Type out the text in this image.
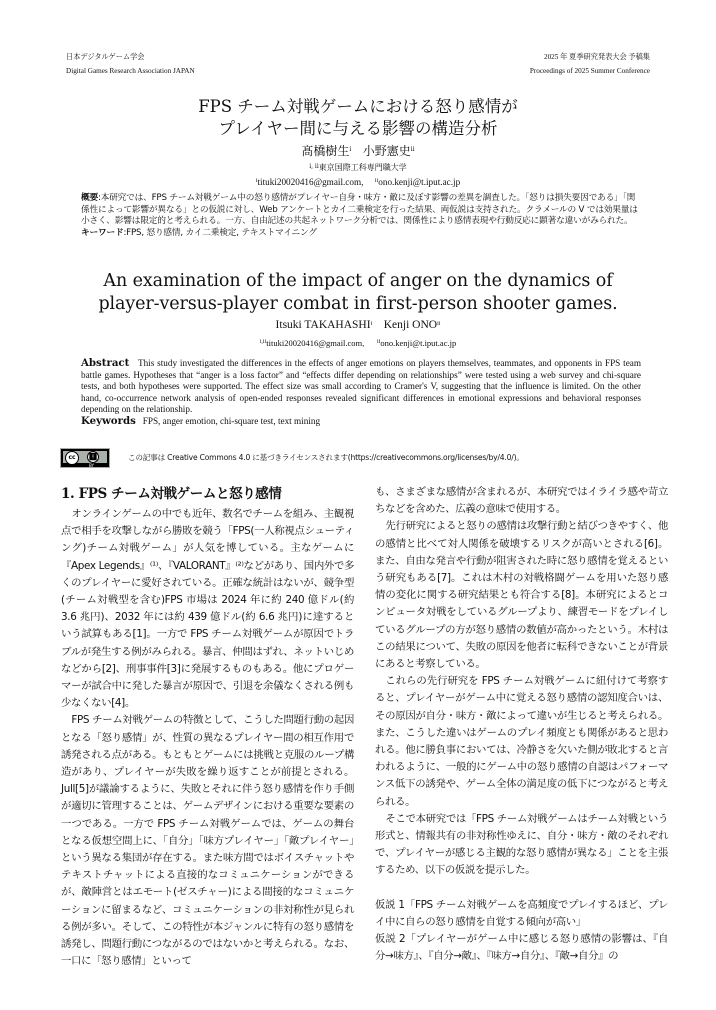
日本デジタルゲーム学会
Digital Games Research Association JAPAN
2025 年 夏季研究発表大会 予稿集
Proceedings of 2025 Summer Conference
FPS チーム対戦ゲームにおける怒り感情が
プレイヤー間に与える影響の構造分析
髙橋樹生$^i$ 小野憲史$^{ii}$
$^{i, ii}$東京国際工科専門職大学
$^i$tituki20020416@gmail.com, $^{ii}$ono.kenji@t.iput.ac.jp
概要:本研究では、FPS チーム対戦ゲーム中の怒り感情がプレイヤー自身・味方・敵に及ぼす影響の差異を調査した。「怒りは損失要因である」「関係性によって影響が異なる」との仮説に対し、Web アンケートとカイ二乗検定を行った結果、両仮説は支持された。クラメールの V では効果量は小さく、影響は限定的と考えられる。一方、自由記述の共起ネットワーク分析では、関係性により感情表現や行動反応に顕著な違いがみられた。
キーワード:FPS, 怒り感情, カイ二乗検定, テキストマイニング
An examination of the impact of anger on the dynamics of
player-versus-player combat in first-person shooter games.
Itsuki TAKAHASHI$^i$ Kenji ONO$^{ii}$
$^{i,ii}$tituki20020416@gmail.com, $^{ii}$ono.kenji@t.iput.ac.jp
Abstract This study investigated the differences in the effects of anger emotions on players themselves, teammates, and opponents in FPS team battle games. Hypotheses that “anger is a loss factor” and “effects differ depending on relationships” were tested using a web survey and chi-square tests, and both hypotheses were supported. The effect size was small according to Cramer's V, suggesting that the influence is limited. On the other hand, co-occurrence network analysis of open-ended responses revealed significant differences in emotional expressions and behavioral responses depending on the relationship.
Keywords FPS, anger emotion, chi-square test, text mining
cc	🚹︎
BY
この記事は Creative Commons 4.0 に基づきライセンスされます(https://creativecommons.org/licenses/by/4.0/)。
1. FPS チーム対戦ゲームと怒り感情

オンラインゲームの中でも近年、数名でチームを組み、主観視点で相手を攻撃しながら勝敗を競う「FPS(一人称視点シューティング)チーム対戦ゲーム」が人気を博している。主なゲームに『Apex Legends』⁽¹⁾、『VALORANT』⁽²⁾などがあり、国内外で多くのプレイヤーに愛好されている。正確な統計はないが、競争型(チーム対戦型を含む)FPS 市場は 2024 年に約 240 億ドル(約 3.6 兆円)、2032 年には約 439 億ドル(約 6.6 兆円)に達するという試算もある[1]。一方で FPS チーム対戦ゲームが原因でトラブルが発生する例がみられる。暴言、仲間はずれ、ネットいじめなどから[2]、刑事事件[3]に発展するものもある。他にプロゲーマーが試合中に発した暴言が原因で、引退を余儀なくされる例も少なくない[4]。

FPS チーム対戦ゲームの特徴として、こうした問題行動の起因となる「怒り感情」が、性質の異なるプレイヤー間の相互作用で誘発される点がある。もともとゲームには挑戦と克服のループ構造があり、プレイヤーが失敗を繰り返すことが前提とされる。Jull[5]が議論するように、失敗とそれに伴う怒り感情を作り手側が適切に管理することは、ゲームデザインにおける重要な要素の一つである。一方で FPS チーム対戦ゲームでは、ゲームの舞台となる仮想空間上に、「自分」「味方プレイヤー」「敵プレイヤー」という異なる集団が存在する。また味方間ではボイスチャットやテキストチャットによる直接的なコミュニケーションができるが、敵陣営とはエモート(ゼスチャー)による間接的なコミュニケーションに留まるなど、コミュニケーションの非対称性が見られる例が多い。そして、この特性が本ジャンルに特有の怒り感情を誘発し、問題行動につながるのではないかと考えられる。なお、一口に「怒り感情」といって

も、さまざまな感情が含まれるが、本研究ではイライラ感や苛立ちなどを含めた、広義の意味で使用する。

先行研究によると怒りの感情は攻撃行動と結びつきやすく、他の感情と比べて対人関係を破壊するリスクが高いとされる[6]。また、自由な発言や行動が阻害された時に怒り感情を覚えるという研究もある[7]。これは木村の対戦格闘ゲームを用いた怒り感情の変化に関する研究結果とも符合する[8]。本研究によるとコンピュータ対戦をしているグループより、練習モードをプレイしているグループの方が怒り感情の数値が高かったという。木村はこの結果について、失敗の原因を他者に転科できないことが背景にあると考察している。

これらの先行研究を FPS チーム対戦ゲームに紐付けて考察すると、プレイヤーがゲーム中に覚える怒り感情の認知度合いは、その原因が自分・味方・敵によって違いが生じると考えられる。また、こうした違いはゲームのプレイ頻度とも関係があると思われる。他に勝負事においては、冷静さを欠いた側が敗北すると言われるように、一般的にゲーム中の怒り感情の自認はパフォーマンス低下の誘発や、ゲーム全体の満足度の低下につながると考えられる。

そこで本研究では「FPS チーム対戦ゲームはチーム対戦という形式と、情報共有の非対称性ゆえに、自分・味方・敵のそれぞれで、プレイヤーが感じる主観的な怒り感情が異なる」ことを主張するため、以下の仮説を提示した。

仮説 1「FPS チーム対戦ゲームを高頻度でプレイするほど、プレイ中に自らの怒り感情を自覚する傾向が高い」

仮説 2「プレイヤーがゲーム中に感じる怒り感情の影響は、『自分→味方』、『自分→敵』、『味方→自分』、『敵→自分』の
